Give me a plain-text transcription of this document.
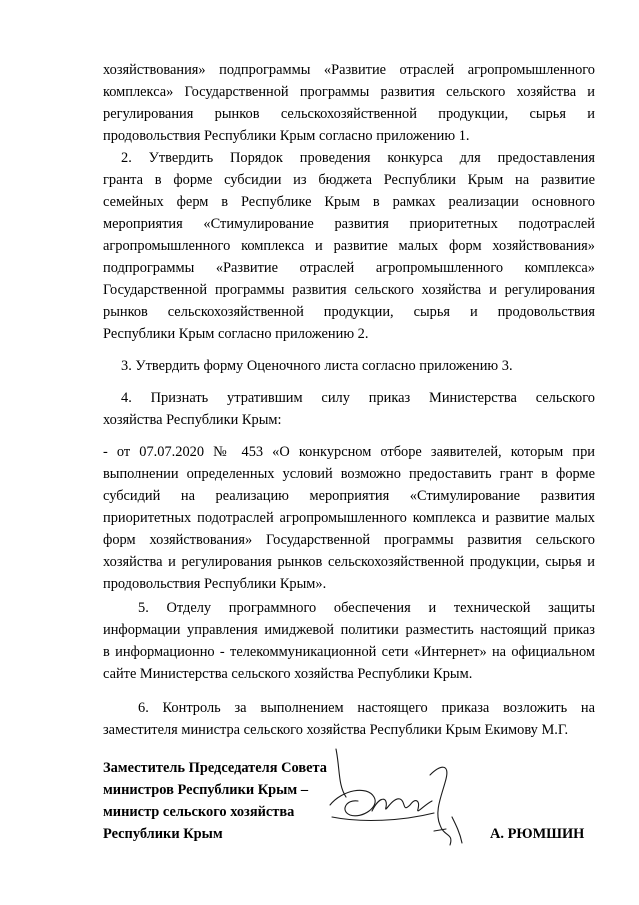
хозяйствования» подпрограммы «Развитие отраслей агропромышленного
комплекса» Государственной программы развития сельского хозяйства и
регулирования рынков сельскохозяйственной продукции, сырья и
продовольствия Республики Крым согласно приложению 1.
2. Утвердить Порядок проведения конкурса для предоставления
гранта в форме субсидии из бюджета Республики Крым на развитие
семейных ферм в Республике Крым в рамках реализации основного
мероприятия «Стимулирование развития приоритетных подотраслей
агропромышленного комплекса и развитие малых форм хозяйствования»
подпрограммы «Развитие отраслей агропромышленного комплекса»
Государственной программы развития сельского хозяйства и регулирования
рынков сельскохозяйственной продукции, сырья и продовольствия
Республики Крым согласно приложению 2.
3. Утвердить форму Оценочного листа согласно приложению 3.
4. Признать утратившим силу приказ Министерства сельского
хозяйства Республики Крым:
- от 07.07.2020 № 453 «О конкурсном отборе заявителей, которым при
выполнении определенных условий возможно предоставить грант в форме
субсидий на реализацию мероприятия «Стимулирование развития
приоритетных подотраслей агропромышленного комплекса и развитие малых
форм хозяйствования» Государственной программы развития сельского
хозяйства и регулирования рынков сельскохозяйственной продукции, сырья и
продовольствия Республики Крым».
5. Отделу программного обеспечения и технической защиты
информации управления имиджевой политики разместить настоящий приказ
в информационно - телекоммуникационной сети «Интернет» на официальном
сайте Министерства сельского хозяйства Республики Крым.
6. Контроль за выполнением настоящего приказа возложить на
заместителя министра сельского хозяйства Республики Крым Екимову М.Г.
Заместитель Председателя Совета
министров Республики Крым –
министр сельского хозяйства
Республики Крым	А. РЮМШИН
